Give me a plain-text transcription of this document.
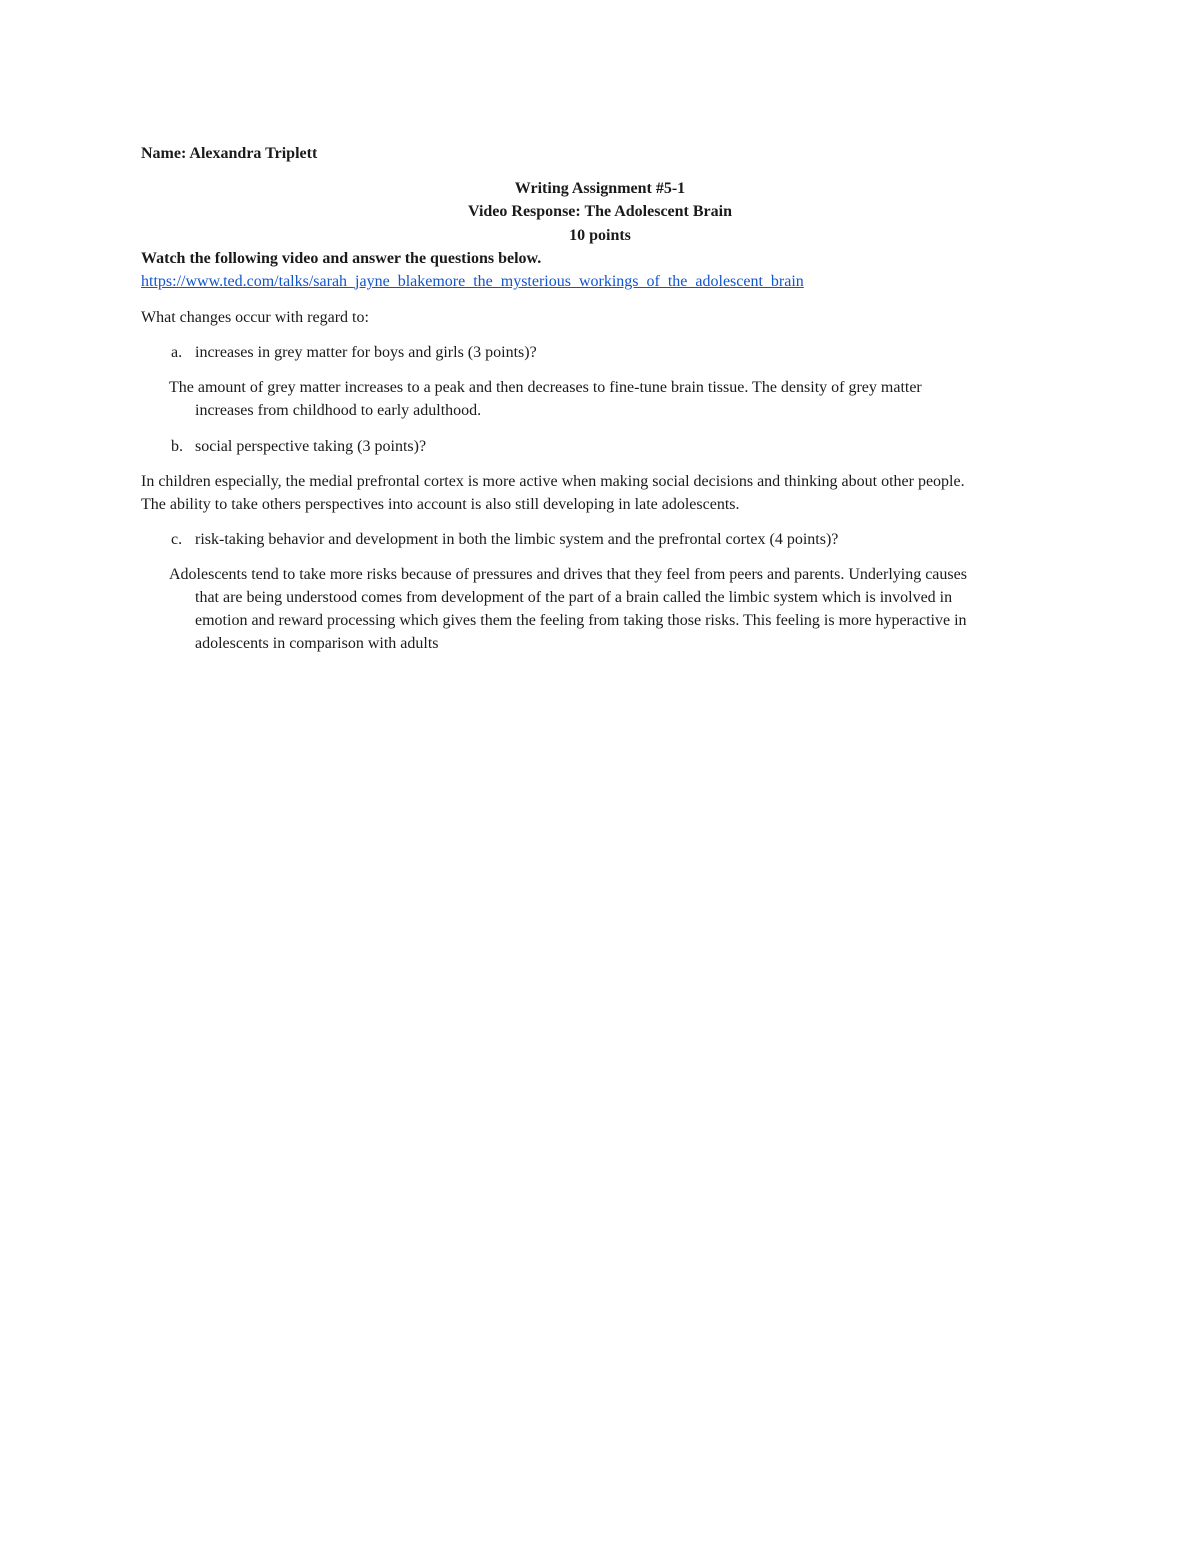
Name: Alexandra Triplett
Writing Assignment #5-1
Video Response: The Adolescent Brain
10 points
Watch the following video and answer the questions below.
https://www.ted.com/talks/sarah_jayne_blakemore_the_mysterious_workings_of_the_adolescent_brain
What changes occur with regard to:
a. increases in grey matter for boys and girls (3 points)?
The amount of grey matter increases to a peak and then decreases to fine-tune brain tissue. The density of grey matter
increases from childhood to early adulthood.
b. social perspective taking (3 points)?
In children especially, the medial prefrontal cortex is more active when making social decisions and thinking about other people.
The ability to take others perspectives into account is also still developing in late adolescents.
c. risk-taking behavior and development in both the limbic system and the prefrontal cortex (4 points)?
Adolescents tend to take more risks because of pressures and drives that they feel from peers and parents. Underlying causes
that are being understood comes from development of the part of a brain called the limbic system which is involved in
emotion and reward processing which gives them the feeling from taking those risks. This feeling is more hyperactive in
adolescents in comparison with adults
